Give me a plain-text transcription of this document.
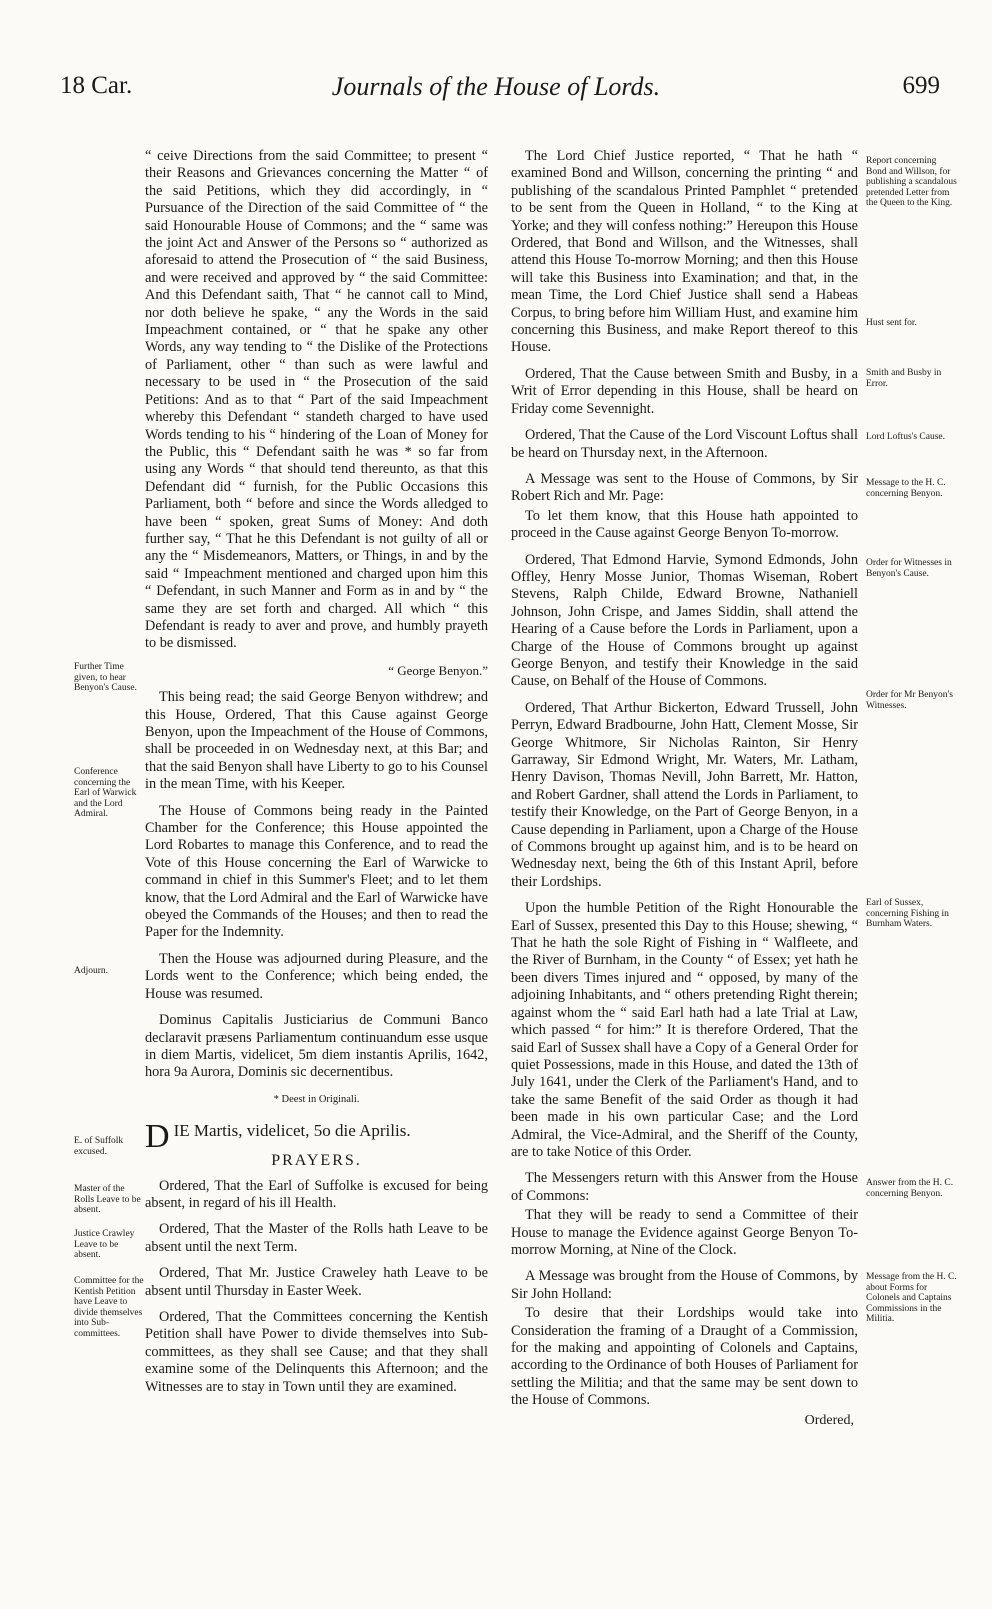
18 Car.	Journals of the House of Lords.	699

“ ceive Directions from the said Committee; to present “ their Reasons and Grievances concerning the Matter “ of the said Petitions, which they did accordingly, in “ Pursuance of the Direction of the said Committee of “ the said Honourable House of Commons; and the “ same was the joint Act and Answer of the Persons so “ authorized as aforesaid to attend the Prosecution of “ the said Business, and were received and approved by “ the said Committee: And this Defendant saith, That “ he cannot call to Mind, nor doth believe he spake, “ any the Words in the said Impeachment contained, or “ that he spake any other Words, any way tending to “ the Dislike of the Protections of Parliament, other “ than such as were lawful and necessary to be used in “ the Prosecution of the said Petitions: And as to that “ Part of the said Impeachment whereby this Defendant “ standeth charged to have used Words tending to his “ hindering of the Loan of Money for the Public, this “ Defendant saith he was * so far from using any Words “ that should tend thereunto, as that this Defendant did “ furnish, for the Public Occasions this Parliament, both “ before and since the Words alledged to have been “ spoken, great Sums of Money: And doth further say, “ That he this Defendant is not guilty of all or any the “ Misdemeanors, Matters, or Things, in and by the said “ Impeachment mentioned and charged upon him this “ Defendant, in such Manner and Form as in and by “ the same they are set forth and charged. All which “ this Defendant is ready to aver and prove, and humbly prayeth to be dismissed.

“ George Benyon.”

This being read; the said George Benyon withdrew; and this House, Ordered, That this Cause against George Benyon, upon the Impeachment of the House of Commons, shall be proceeded in on Wednesday next, at this Bar; and that the said Benyon shall have Liberty to go to his Counsel in the mean Time, with his Keeper.

The House of Commons being ready in the Painted Chamber for the Conference; this House appointed the Lord Robartes to manage this Conference, and to read the Vote of this House concerning the Earl of Warwicke to command in chief in this Summer's Fleet; and to let them know, that the Lord Admiral and the Earl of Warwicke have obeyed the Commands of the Houses; and then to read the Paper for the Indemnity.

Then the House was adjourned during Pleasure, and the Lords went to the Conference; which being ended, the House was resumed.

Dominus Capitalis Justiciarius de Communi Banco declaravit præsens Parliamentum continuandum esse usque in diem Martis, videlicet, 5m diem instantis Aprilis, 1642, hora 9a Aurora, Dominis sic decernentibus.

* Deest in Originali.
DIE Martis, videlicet, 5o die Aprilis.
PRAYERS.

Ordered, That the Earl of Suffolke is excused for being absent, in regard of his ill Health.

Ordered, That the Master of the Rolls hath Leave to be absent until the next Term.

Ordered, That Mr. Justice Craweley hath Leave to be absent until Thursday in Easter Week.

Ordered, That the Committees concerning the Kentish Petition shall have Power to divide themselves into Sub-committees, as they shall see Cause; and that they shall examine some of the Delinquents this Afternoon; and the Witnesses are to stay in Town until they are examined.

Further Time given, to hear Benyon's Cause.
Conference concerning the Earl of Warwick and the Lord Admiral.
Adjourn.
E. of Suffolk excused.
Master of the Rolls Leave to be absent.
Justice Crawley Leave to be absent.
Committee for the Kentish Petition have Leave to divide themselves into Sub-committees.

The Lord Chief Justice reported, “ That he hath “ examined Bond and Willson, concerning the printing “ and publishing of the scandalous Printed Pamphlet “ pretended to be sent from the Queen in Holland, “ to the King at Yorke; and they will confess nothing:” Hereupon this House Ordered, that Bond and Willson, and the Witnesses, shall attend this House To-morrow Morning; and then this House will take this Business into Examination; and that, in the mean Time, the Lord Chief Justice shall send a Habeas Corpus, to bring before him William Hust, and examine him concerning this Business, and make Report thereof to this House.

Ordered, That the Cause between Smith and Busby, in a Writ of Error depending in this House, shall be heard on Friday come Sevennight.

Ordered, That the Cause of the Lord Viscount Loftus shall be heard on Thursday next, in the Afternoon.

A Message was sent to the House of Commons, by Sir Robert Rich and Mr. Page:

To let them know, that this House hath appointed to proceed in the Cause against George Benyon To-morrow.

Ordered, That Edmond Harvie, Symond Edmonds, John Offley, Henry Mosse Junior, Thomas Wiseman, Robert Stevens, Ralph Childe, Edward Browne, Nathaniell Johnson, John Crispe, and James Siddin, shall attend the Hearing of a Cause before the Lords in Parliament, upon a Charge of the House of Commons brought up against George Benyon, and testify their Knowledge in the said Cause, on Behalf of the House of Commons.

Ordered, That Arthur Bickerton, Edward Trussell, John Perryn, Edward Bradbourne, John Hatt, Clement Mosse, Sir George Whitmore, Sir Nicholas Rainton, Sir Henry Garraway, Sir Edmond Wright, Mr. Waters, Mr. Latham, Henry Davison, Thomas Nevill, John Barrett, Mr. Hatton, and Robert Gardner, shall attend the Lords in Parliament, to testify their Knowledge, on the Part of George Benyon, in a Cause depending in Parliament, upon a Charge of the House of Commons brought up against him, and is to be heard on Wednesday next, being the 6th of this Instant April, before their Lordships.

Upon the humble Petition of the Right Honourable the Earl of Sussex, presented this Day to this House; shewing, “ That he hath the sole Right of Fishing in “ Walfleete, and the River of Burnham, in the County “ of Essex; yet hath he been divers Times injured and “ opposed, by many of the adjoining Inhabitants, and “ others pretending Right therein; against whom the “ said Earl hath had a late Trial at Law, which passed “ for him:” It is therefore Ordered, That the said Earl of Sussex shall have a Copy of a General Order for quiet Possessions, made in this House, and dated the 13th of July 1641, under the Clerk of the Parliament's Hand, and to take the same Benefit of the said Order as though it had been made in his own particular Case; and the Lord Admiral, the Vice-Admiral, and the Sheriff of the County, are to take Notice of this Order.

The Messengers return with this Answer from the House of Commons:

That they will be ready to send a Committee of their House to manage the Evidence against George Benyon To-morrow Morning, at Nine of the Clock.

A Message was brought from the House of Commons, by Sir John Holland:

To desire that their Lordships would take into Consideration the framing of a Draught of a Commission, for the making and appointing of Colonels and Captains, according to the Ordinance of both Houses of Parliament for settling the Militia; and that the same may be sent down to the House of Commons.

Ordered,
Report concerning Bond and Willson, for publishing a scandalous pretended Letter from the Queen to the King.
Hust sent for.
Smith and Busby in Error.
Lord Loftus's Cause.
Message to the H. C. concerning Benyon.
Order for Witnesses in Benyon's Cause.
Order for Mr Benyon's Witnesses.
Earl of Sussex, concerning Fishing in Burnham Waters.
Answer from the H. C. concerning Benyon.
Message from the H. C. about Forms for Colonels and Captains Commissions in the Militia.
